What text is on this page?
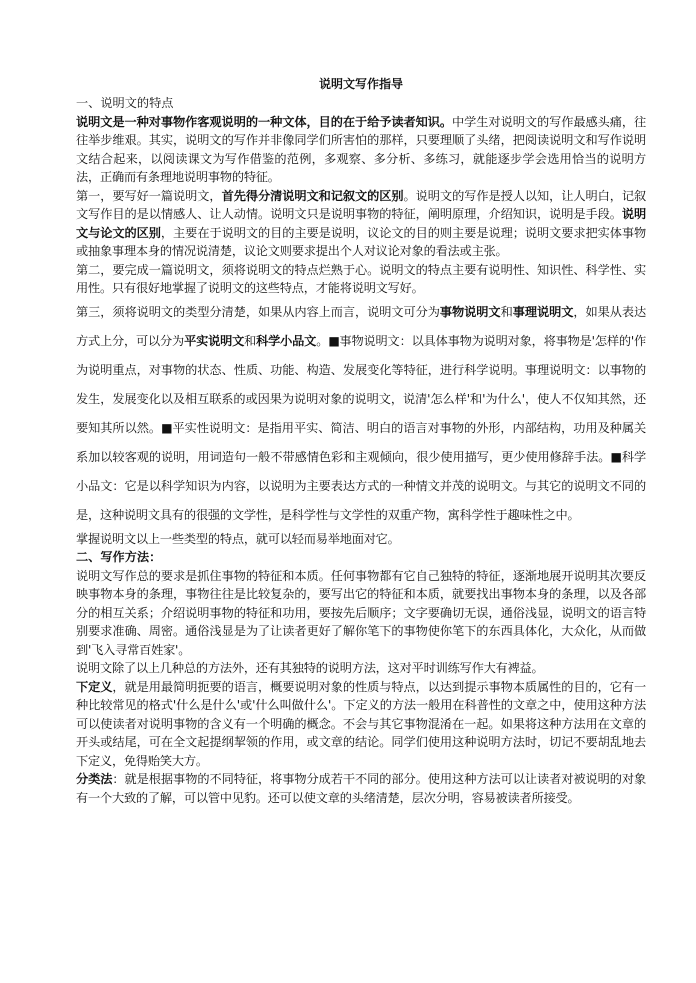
说明文写作指导
一、说明文的特点

说明文是一种对事物作客观说明的一种文体，目的在于给予读者知识。中学生对说明文的写作最感头痛，往往举步维艰。其实，说明文的写作并非像同学们所害怕的那样，只要理顺了头绪，把阅读说明文和写作说明文结合起来，以阅读课文为写作借鉴的范例，多观察、多分析、多练习，就能逐步学会选用恰当的说明方法，正确而有条理地说明事物的特征。

第一，要写好一篇说明文，首先得分清说明文和记叙文的区别。说明文的写作是授人以知，让人明白，记叙文写作目的是以情感人、让人动情。说明文只是说明事物的特征，阐明原理，介绍知识，说明是手段。说明文与论文的区别，主要在于说明文的目的主要是说明，议论文的目的则主要是说理；说明文要求把实体事物或抽象事理本身的情况说清楚，议论文则要求提出个人对议论对象的看法或主张。

第二，要完成一篇说明文，须将说明文的特点烂熟于心。说明文的特点主要有说明性、知识性、科学性、实用性。只有很好地掌握了说明文的这些特点，才能将说明文写好。

第三，须将说明文的类型分清楚，如果从内容上而言，说明文可分为事物说明文和事理说明文，如果从表达方式上分，可以分为平实说明文和科学小品文。■事物说明文：以具体事物为说明对象，将事物是'怎样的'作为说明重点，对事物的状态、性质、功能、构造、发展变化等特征，进行科学说明。事理说明文：以事物的发生，发展变化以及相互联系的或因果为说明对象的说明文，说清'怎么样'和'为什么'，使人不仅知其然，还要知其所以然。■平实性说明文：是指用平实、简洁、明白的语言对事物的外形，内部结构，功用及种属关系加以较客观的说明，用词造句一般不带感情色彩和主观倾向，很少使用描写，更少使用修辞手法。■科学小品文：它是以科学知识为内容，以说明为主要表达方式的一种情文并茂的说明文。与其它的说明文不同的是，这种说明文具有的很强的文学性，是科学性与文学性的双重产物，寓科学性于趣味性之中。

掌握说明文以上一些类型的特点，就可以轻而易举地面对它。

二、写作方法：

说明文写作总的要求是抓住事物的特征和本质。任何事物都有它自己独特的特征，逐渐地展开说明其次要反映事物本身的条理，事物往往是比较复杂的，要写出它的特征和本质，就要找出事物本身的条理，以及各部分的相互关系；介绍说明事物的特征和功用，要按先后顺序；文字要确切无误，通俗浅显，说明文的语言特别要求准确、周密。通俗浅显是为了让读者更好了解你笔下的事物使你笔下的东西具体化，大众化，从而做到'飞入寻常百姓家'。

说明文除了以上几种总的方法外，还有其独特的说明方法，这对平时训练写作大有裨益。

下定义，就是用最简明扼要的语言，概要说明对象的性质与特点，以达到提示事物本质属性的目的，它有一种比较常见的格式'什么是什么'或'什么叫做什么'。下定义的方法一般用在科普性的文章之中，使用这种方法可以使读者对说明事物的含义有一个明确的概念。不会与其它事物混淆在一起。如果将这种方法用在文章的开头或结尾，可在全文起提纲挈领的作用，或文章的结论。同学们使用这种说明方法时，切记不要胡乱地去下定义，免得贻笑大方。

分类法：就是根据事物的不同特征，将事物分成若干不同的部分。使用这种方法可以让读者对被说明的对象有一个大致的了解，可以管中见豹。还可以使文章的头绪清楚，层次分明，容易被读者所接受。
